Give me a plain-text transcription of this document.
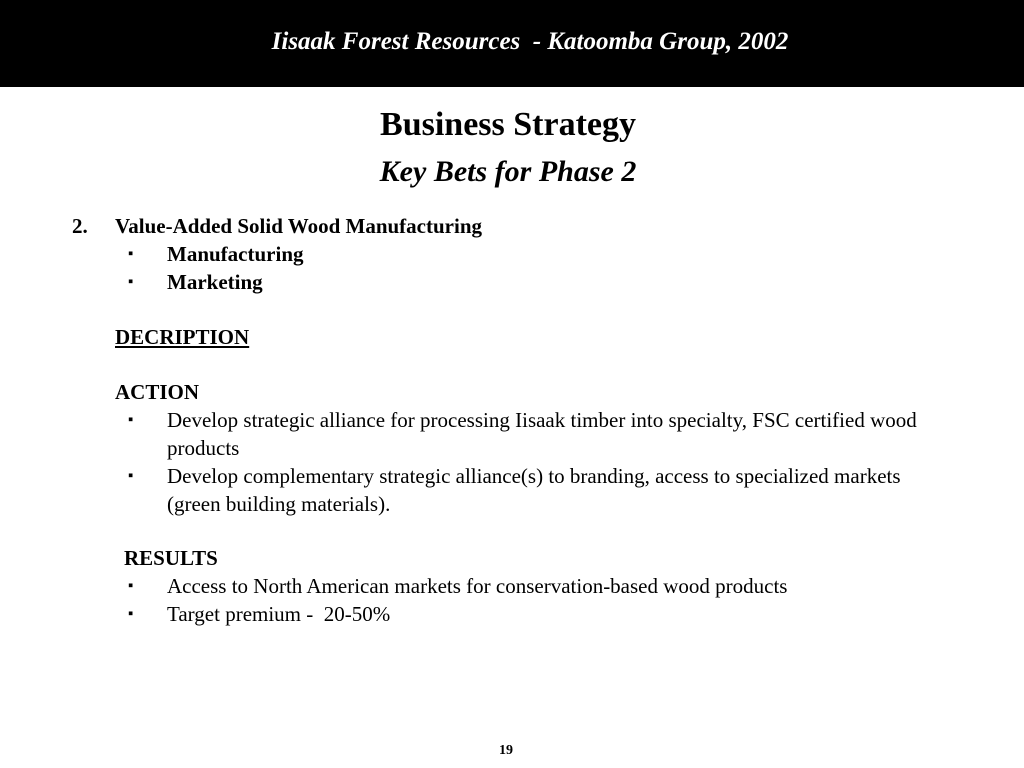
Iisaak Forest Resources  - Katoomba Group, 2002
Business Strategy
Key Bets for Phase 2
2. Value-Added Solid Wood Manufacturing
▪ Manufacturing
▪ Marketing
DECRIPTION
ACTION
▪ Develop strategic alliance for processing Iisaak timber into specialty, FSC certified wood products
▪ Develop complementary strategic alliance(s) to branding, access to specialized markets (green building materials).
RESULTS
▪ Access to North American markets for conservation-based wood products
▪ Target premium -  20-50%
19
